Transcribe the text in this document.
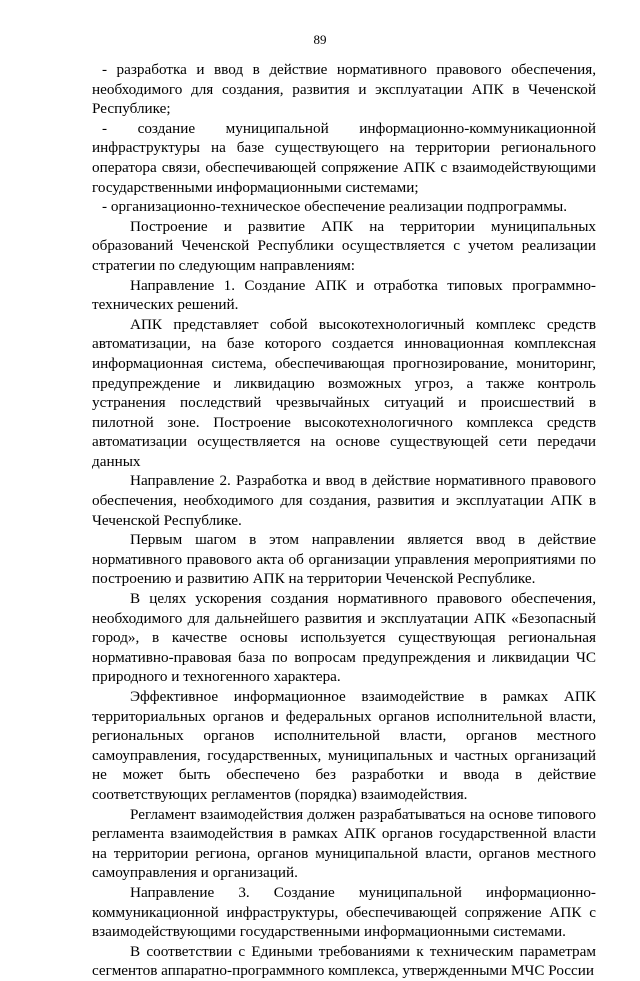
89

- разработка и ввод в действие нормативного правового обеспечения, необходимого для создания, развития и эксплуатации АПК в Чеченской Республике;

- создание муниципальной информационно-коммуникационной инфраструктуры на базе существующего на территории регионального оператора связи, обеспечивающей сопряжение АПК с взаимодействующими государственными информационными системами;

- организационно-техническое обеспечение реализации подпрограммы.

Построение и развитие АПК на территории муниципальных образований Чеченской Республики осуществляется с учетом реализации стратегии по следующим направлениям:

Направление 1. Создание АПК и отработка типовых программно-технических решений.

АПК представляет собой высокотехнологичный комплекс средств автоматизации, на базе которого создается инновационная комплексная информационная система, обеспечивающая прогнозирование, мониторинг, предупреждение и ликвидацию возможных угроз, а также контроль устранения последствий чрезвычайных ситуаций и происшествий в пилотной зоне. Построение высокотехнологичного комплекса средств автоматизации осуществляется на основе существующей сети передачи данных

Направление 2. Разработка и ввод в действие нормативного правового обеспечения, необходимого для создания, развития и эксплуатации АПК в Чеченской Республике.

Первым шагом в этом направлении является ввод в действие нормативного правового акта об организации управления мероприятиями по построению и развитию АПК на территории Чеченской Республике.

В целях ускорения создания нормативного правового обеспечения, необходимого для дальнейшего развития и эксплуатации АПК «Безопасный город», в качестве основы используется существующая региональная нормативно-правовая база по вопросам предупреждения и ликвидации ЧС природного и техногенного характера.

Эффективное информационное взаимодействие в рамках АПК территориальных органов и федеральных органов исполнительной власти, региональных органов исполнительной власти, органов местного самоуправления, государственных, муниципальных и частных организаций не может быть обеспечено без разработки и ввода в действие соответствующих регламентов (порядка) взаимодействия.

Регламент взаимодействия должен разрабатываться на основе типового регламента взаимодействия в рамках АПК органов государственной власти на территории региона, органов муниципальной власти, органов местного самоуправления и организаций.

Направление 3. Создание муниципальной информационно-коммуникационной инфраструктуры, обеспечивающей сопряжение АПК с взаимодействующими государственными информационными системами.

В соответствии с Едиными требованиями к техническим параметрам сегментов аппаратно-программного комплекса, утвержденными МЧС России
